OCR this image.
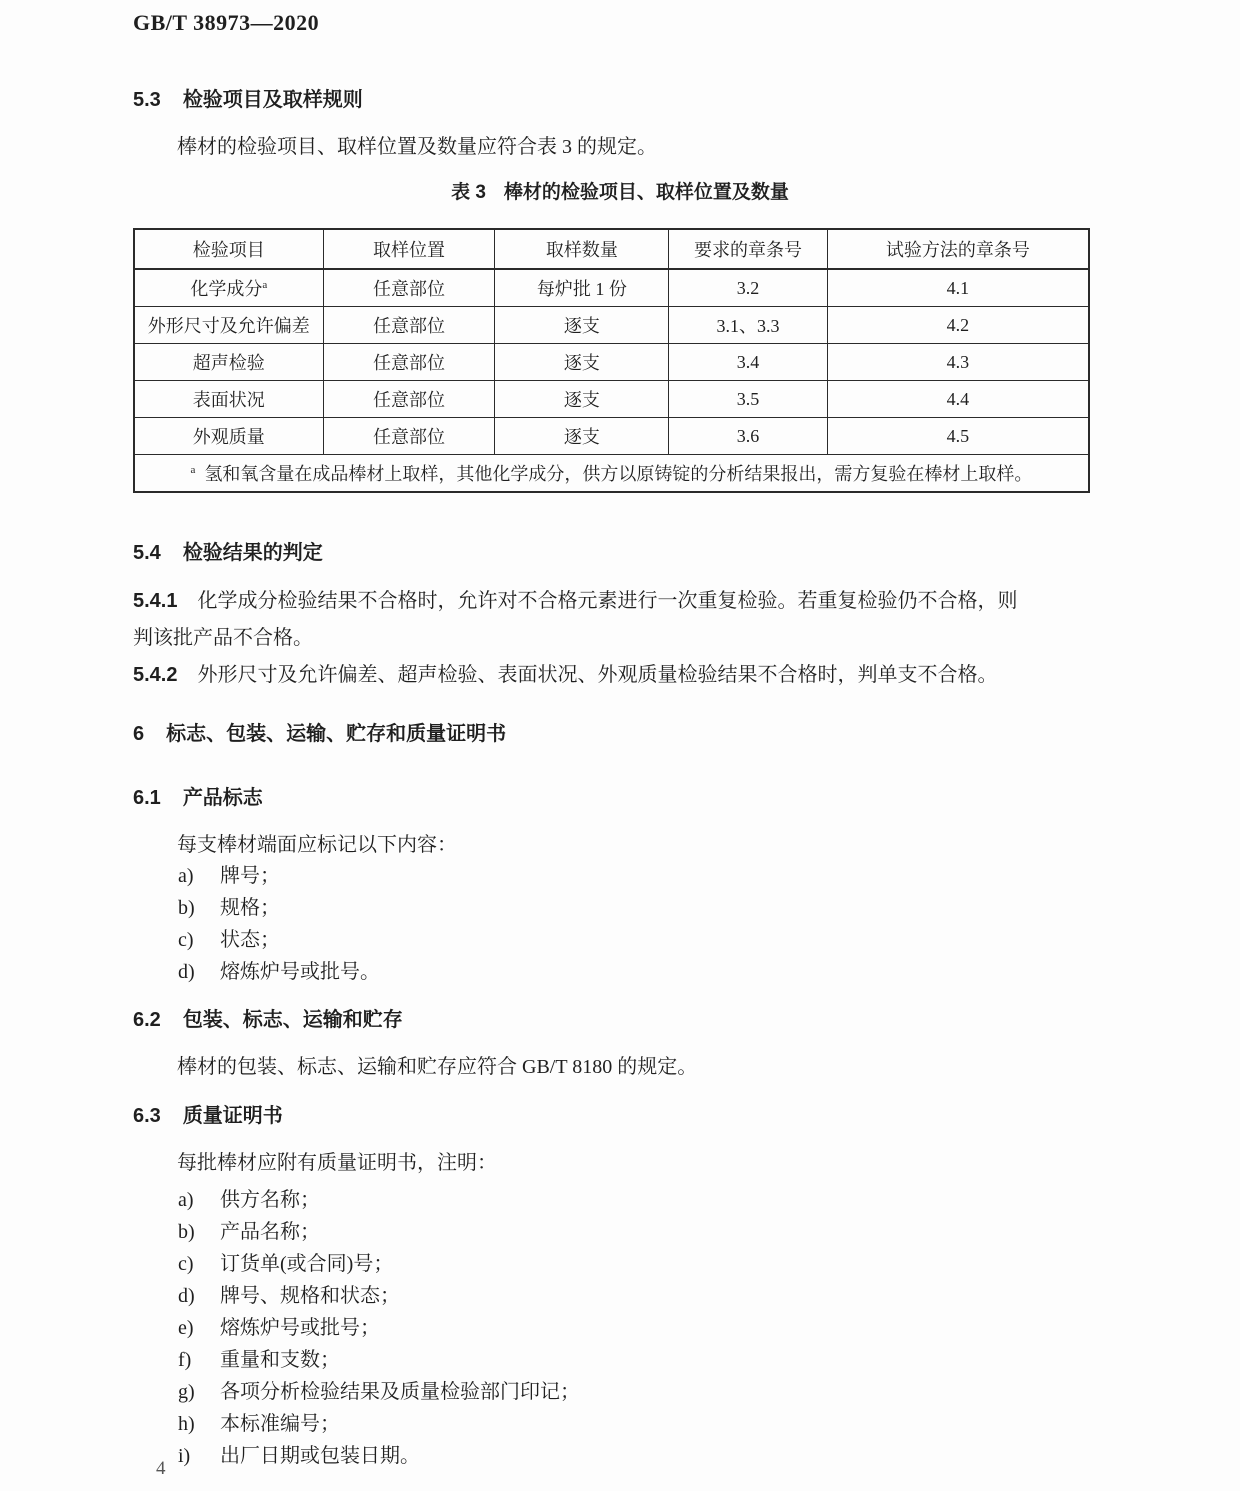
GB/T 38973—2020
5.3 检验项目及取样规则

棒材的检验项目、取样位置及数量应符合表 3 的规定。

表 3 棒材的检验项目、取样位置及数量
检验项目	取样位置	取样数量	要求的章条号	试验方法的章条号
化学成分$^a$	任意部位	每炉批 1 份	3.2	4.1
外形尺寸及允许偏差	任意部位	逐支	3.1、3.3	4.2
超声检验	任意部位	逐支	3.4	4.3
表面状况	任意部位	逐支	3.5	4.4
外观质量	任意部位	逐支	3.6	4.5
$^a$ 氢和氧含量在成品棒材上取样，其他化学成分，供方以原铸锭的分析结果报出，需方复验在棒材上取样。				
5.4 检验结果的判定

5.4.1 化学成分检验结果不合格时，允许对不合格元素进行一次重复检验。若重复检验仍不合格，则
判该批产品不合格。

5.4.2 外形尺寸及允许偏差、超声检验、表面状况、外观质量检验结果不合格时，判单支不合格。

6 标志、包装、运输、贮存和质量证明书
6.1 产品标志

每支棒材端面应标记以下内容：

a) 牌号；
b) 规格；
c) 状态；
d) 熔炼炉号或批号。
6.2 包装、标志、运输和贮存

棒材的包装、标志、运输和贮存应符合 GB/T 8180 的规定。

6.3 质量证明书

每批棒材应附有质量证明书，注明：

a) 供方名称；
b) 产品名称；
c) 订货单(或合同)号；
d) 牌号、规格和状态；
e) 熔炼炉号或批号；
f) 重量和支数；
g) 各项分析检验结果及质量检验部门印记；
h) 本标准编号；
i) 出厂日期或包装日期。
4
